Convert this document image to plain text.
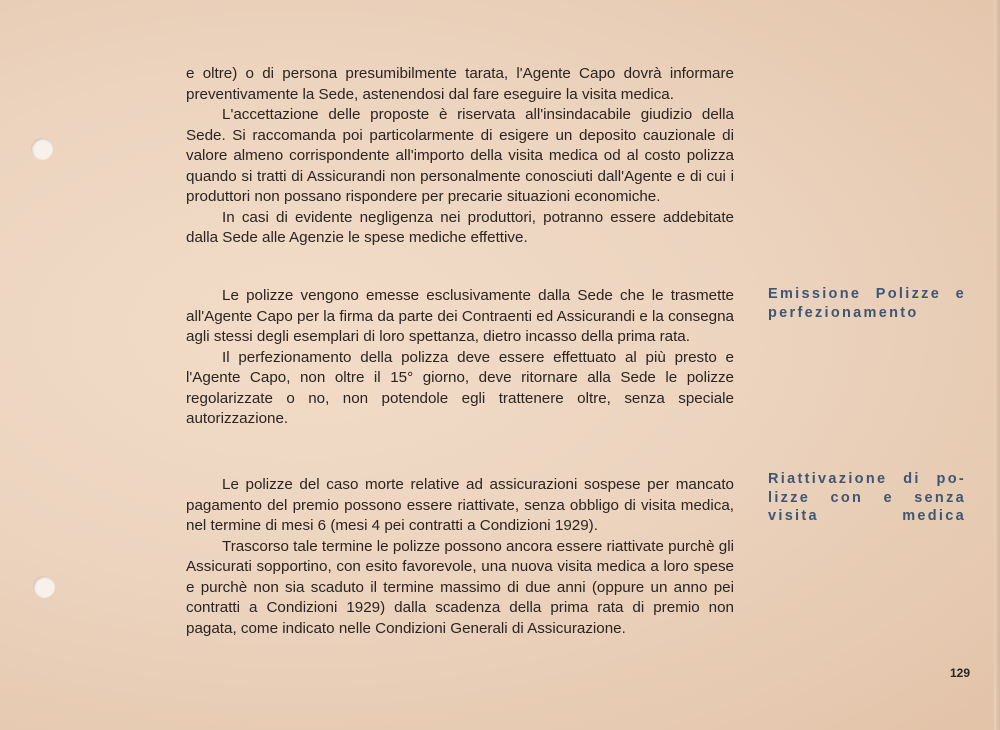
e oltre) o di persona presumibilmente tarata, l'Agente Capo dovrà informare preventivamente la Sede, astenendosi dal fare eseguire la visita medica.

L'accettazione delle proposte è riservata all'insindacabile giudizio della Sede. Si raccomanda poi particolarmente di esigere un deposito cauzionale di valore almeno corrispondente all'importo della visita medica od al costo polizza quando si tratti di Assicurandi non personalmente conosciuti dall'Agente e di cui i produttori non possano rispondere per precarie situazioni economiche.

In casi di evidente negligenza nei produttori, potranno essere addebitate dalla Sede alle Agenzie le spese mediche effettive.

Le polizze vengono emesse esclusivamente dalla Sede che le trasmette all'Agente Capo per la firma da parte dei Contraenti ed Assicurandi e la consegna agli stessi degli esemplari di loro spettanza, dietro incasso della prima rata.

Il perfezionamento della polizza deve essere effettuato al più presto e l'Agente Capo, non oltre il 15° giorno, deve ritornare alla Sede le polizze regolarizzate o no, non potendole egli trattenere oltre, senza speciale autorizzazione.

Le polizze del caso morte relative ad assicurazioni sospese per mancato pagamento del premio possono essere riattivate, senza obbligo di visita medica, nel termine di mesi 6 (mesi 4 pei contratti a Condizioni 1929).

Trascorso tale termine le polizze possono ancora essere riattivate purchè gli Assicurati sopportino, con esito favorevole, una nuova visita medica a loro spese e purchè non sia scaduto il termine massimo di due anni (oppure un anno pei contratti a Condizioni 1929) dalla scadenza della prima rata di premio non pagata, come indicato nelle Condizioni Generali di Assicurazione.

Emissione Polizze e
perfezionamento
Riattivazione di po-
lizze con e senza
visita medica
129
